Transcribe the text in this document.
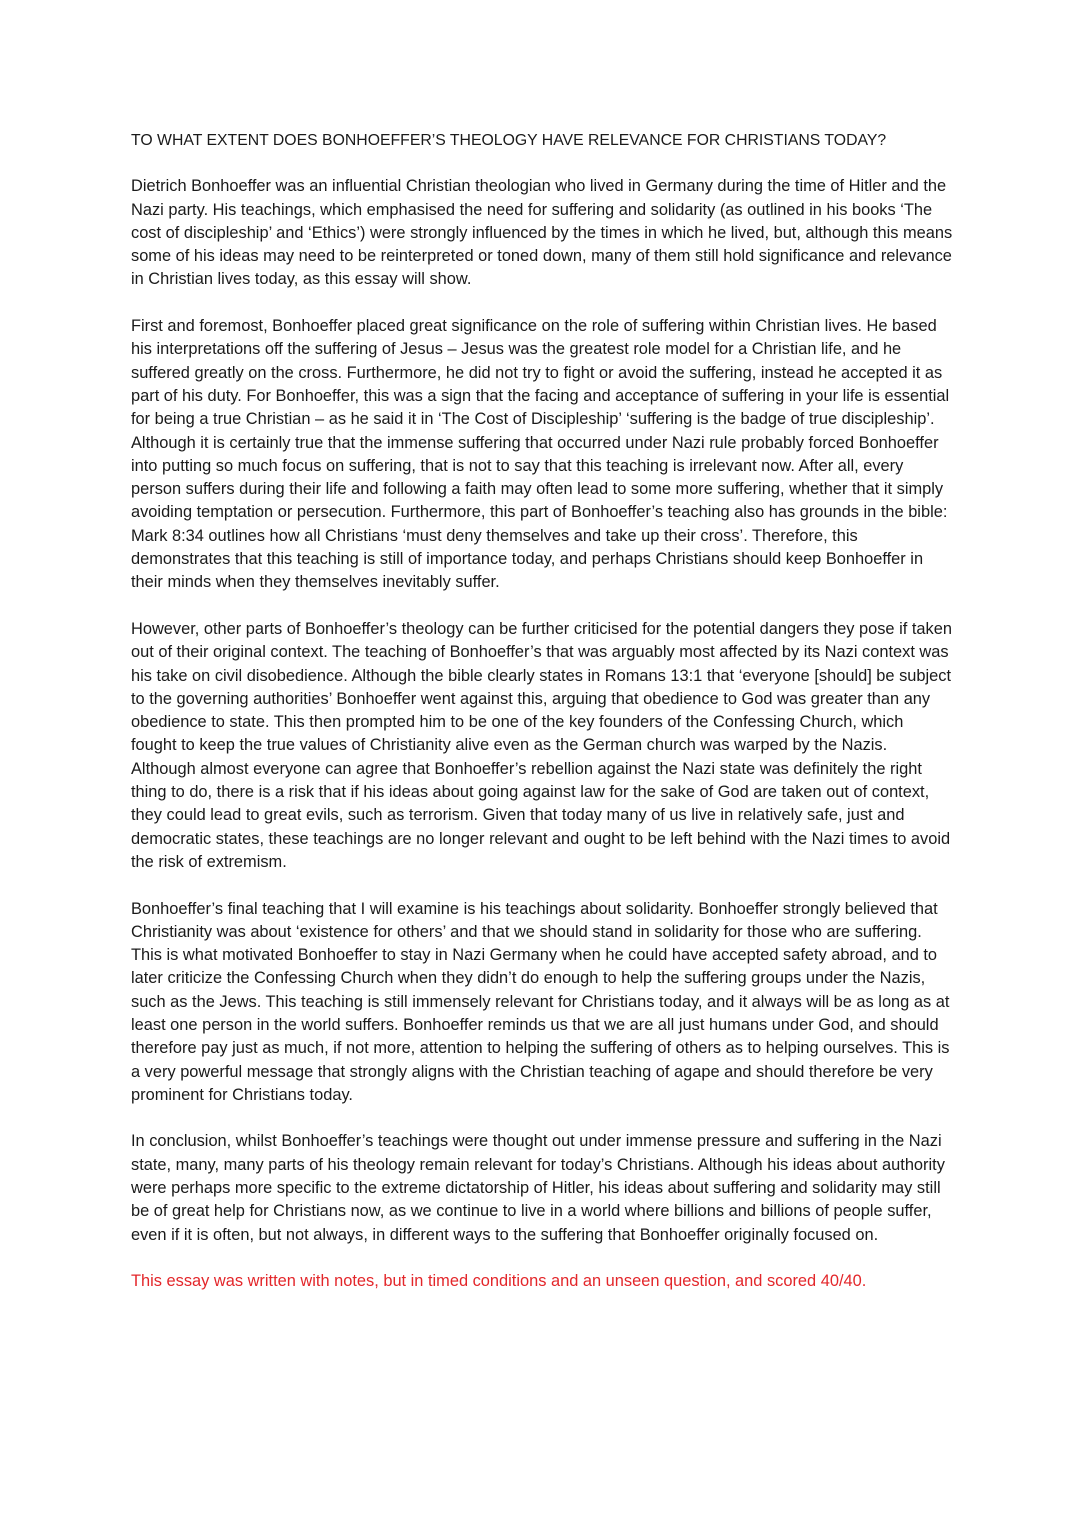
TO WHAT EXTENT DOES BONHOEFFER’S THEOLOGY HAVE RELEVANCE FOR CHRISTIANS TODAY?

Dietrich Bonhoeffer was an influential Christian theologian who lived in Germany during the time of Hitler and the Nazi party. His teachings, which emphasised the need for suffering and solidarity (as outlined in his books ‘The cost of discipleship’ and ‘Ethics’) were strongly influenced by the times in which he lived, but, although this means some of his ideas may need to be reinterpreted or toned down, many of them still hold significance and relevance in Christian lives today, as this essay will show.

First and foremost, Bonhoeffer placed great significance on the role of suffering within Christian lives. He based his interpretations off the suffering of Jesus – Jesus was the greatest role model for a Christian life, and he suffered greatly on the cross. Furthermore, he did not try to fight or avoid the suffering, instead he accepted it as part of his duty. For Bonhoeffer, this was a sign that the facing and acceptance of suffering in your life is essential for being a true Christian – as he said it in ‘The Cost of Discipleship’ ‘suffering is the badge of true discipleship’. Although it is certainly true that the immense suffering that occurred under Nazi rule probably forced Bonhoeffer into putting so much focus on suffering, that is not to say that this teaching is irrelevant now. After all, every person suffers during their life and following a faith may often lead to some more suffering, whether that it simply avoiding temptation or persecution. Furthermore, this part of Bonhoeffer’s teaching also has grounds in the bible: Mark 8:34 outlines how all Christians ‘must deny themselves and take up their cross’. Therefore, this demonstrates that this teaching is still of importance today, and perhaps Christians should keep Bonhoeffer in their minds when they themselves inevitably suffer.

However, other parts of Bonhoeffer’s theology can be further criticised for the potential dangers they pose if taken out of their original context. The teaching of Bonhoeffer’s that was arguably most affected by its Nazi context was his take on civil disobedience. Although the bible clearly states in Romans 13:1 that ‘everyone [should] be subject to the governing authorities’ Bonhoeffer went against this, arguing that obedience to God was greater than any obedience to state. This then prompted him to be one of the key founders of the Confessing Church, which fought to keep the true values of Christianity alive even as the German church was warped by the Nazis. Although almost everyone can agree that Bonhoeffer’s rebellion against the Nazi state was definitely the right thing to do, there is a risk that if his ideas about going against law for the sake of God are taken out of context, they could lead to great evils, such as terrorism. Given that today many of us live in relatively safe, just and democratic states, these teachings are no longer relevant and ought to be left behind with the Nazi times to avoid the risk of extremism.

Bonhoeffer’s final teaching that I will examine is his teachings about solidarity. Bonhoeffer strongly believed that Christianity was about ‘existence for others’ and that we should stand in solidarity for those who are suffering. This is what motivated Bonhoeffer to stay in Nazi Germany when he could have accepted safety abroad, and to later criticize the Confessing Church when they didn’t do enough to help the suffering groups under the Nazis, such as the Jews. This teaching is still immensely relevant for Christians today, and it always will be as long as at least one person in the world suffers. Bonhoeffer reminds us that we are all just humans under God, and should therefore pay just as much, if not more, attention to helping the suffering of others as to helping ourselves. This is a very powerful message that strongly aligns with the Christian teaching of agape and should therefore be very prominent for Christians today.

In conclusion, whilst Bonhoeffer’s teachings were thought out under immense pressure and suffering in the Nazi state, many, many parts of his theology remain relevant for today’s Christians. Although his ideas about authority were perhaps more specific to the extreme dictatorship of Hitler, his ideas about suffering and solidarity may still be of great help for Christians now, as we continue to live in a world where billions and billions of people suffer, even if it is often, but not always, in different ways to the suffering that Bonhoeffer originally focused on.

This essay was written with notes, but in timed conditions and an unseen question, and scored 40/40.
